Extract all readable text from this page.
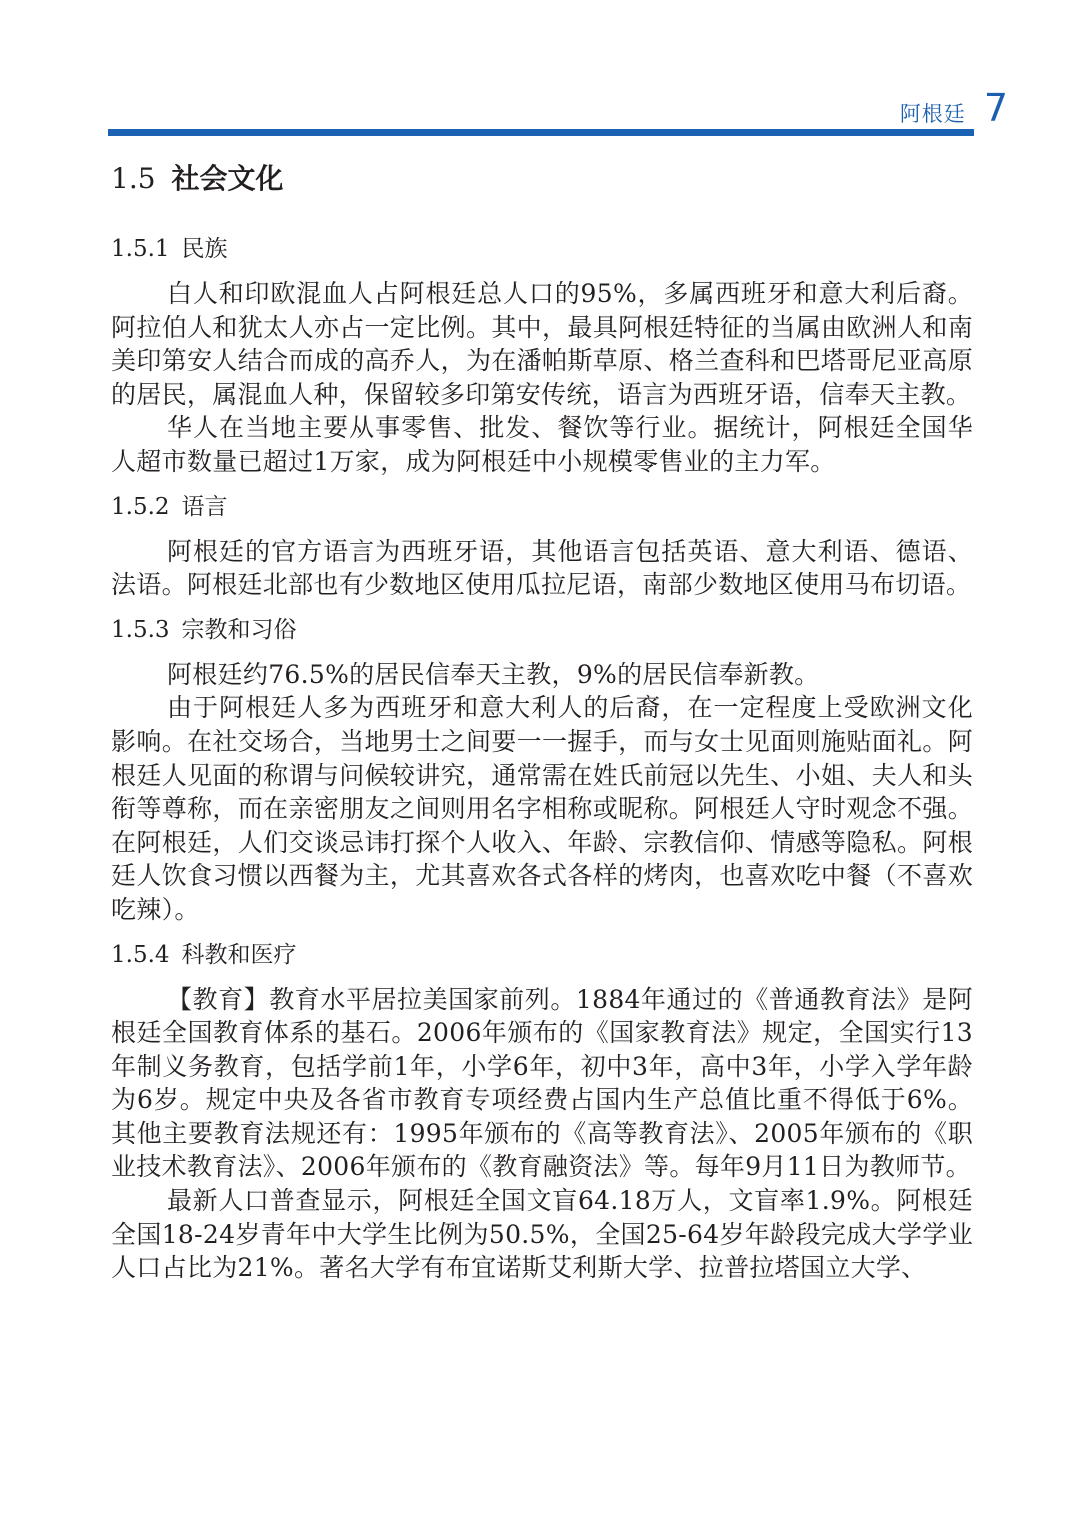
阿根廷 7
1.5 社会文化
1.5.1 民族

白人和印欧混血人占阿根廷总人口的95%，多属西班牙和意大利后裔。阿拉伯人和犹太人亦占一定比例。其中，最具阿根廷特征的当属由欧洲人和南美印第安人结合而成的高乔人，为在潘帕斯草原、格兰查科和巴塔哥尼亚高原的居民，属混血人种，保留较多印第安传统，语言为西班牙语，信奉天主教。

华人在当地主要从事零售、批发、餐饮等行业。据统计，阿根廷全国华人超市数量已超过1万家，成为阿根廷中小规模零售业的主力军。

1.5.2 语言

阿根廷的官方语言为西班牙语，其他语言包括英语、意大利语、德语、法语。阿根廷北部也有少数地区使用瓜拉尼语，南部少数地区使用马布切语。

1.5.3 宗教和习俗

阿根廷约76.5%的居民信奉天主教，9%的居民信奉新教。

由于阿根廷人多为西班牙和意大利人的后裔，在一定程度上受欧洲文化影响。在社交场合，当地男士之间要一一握手，而与女士见面则施贴面礼。阿根廷人见面的称谓与问候较讲究，通常需在姓氏前冠以先生、小姐、夫人和头衔等尊称，而在亲密朋友之间则用名字相称或昵称。阿根廷人守时观念不强。在阿根廷，人们交谈忌讳打探个人收入、年龄、宗教信仰、情感等隐私。阿根廷人饮食习惯以西餐为主，尤其喜欢各式各样的烤肉，也喜欢吃中餐（不喜欢吃辣）。

1.5.4 科教和医疗

【教育】教育水平居拉美国家前列。1884年通过的《普通教育法》是阿根廷全国教育体系的基石。2006年颁布的《国家教育法》规定，全国实行13年制义务教育，包括学前1年，小学6年，初中3年，高中3年，小学入学年龄为6岁。规定中央及各省市教育专项经费占国内生产总值比重不得低于6%。其他主要教育法规还有：1995年颁布的《高等教育法》、2005年颁布的《职业技术教育法》、2006年颁布的《教育融资法》等。每年9月11日为教师节。

最新人口普查显示，阿根廷全国文盲64.18万人，文盲率1.9%。阿根廷全国18-24岁青年中大学生比例为50.5%，全国25-64岁年龄段完成大学学业人口占比为21%。著名大学有布宜诺斯艾利斯大学、拉普拉塔国立大学、
